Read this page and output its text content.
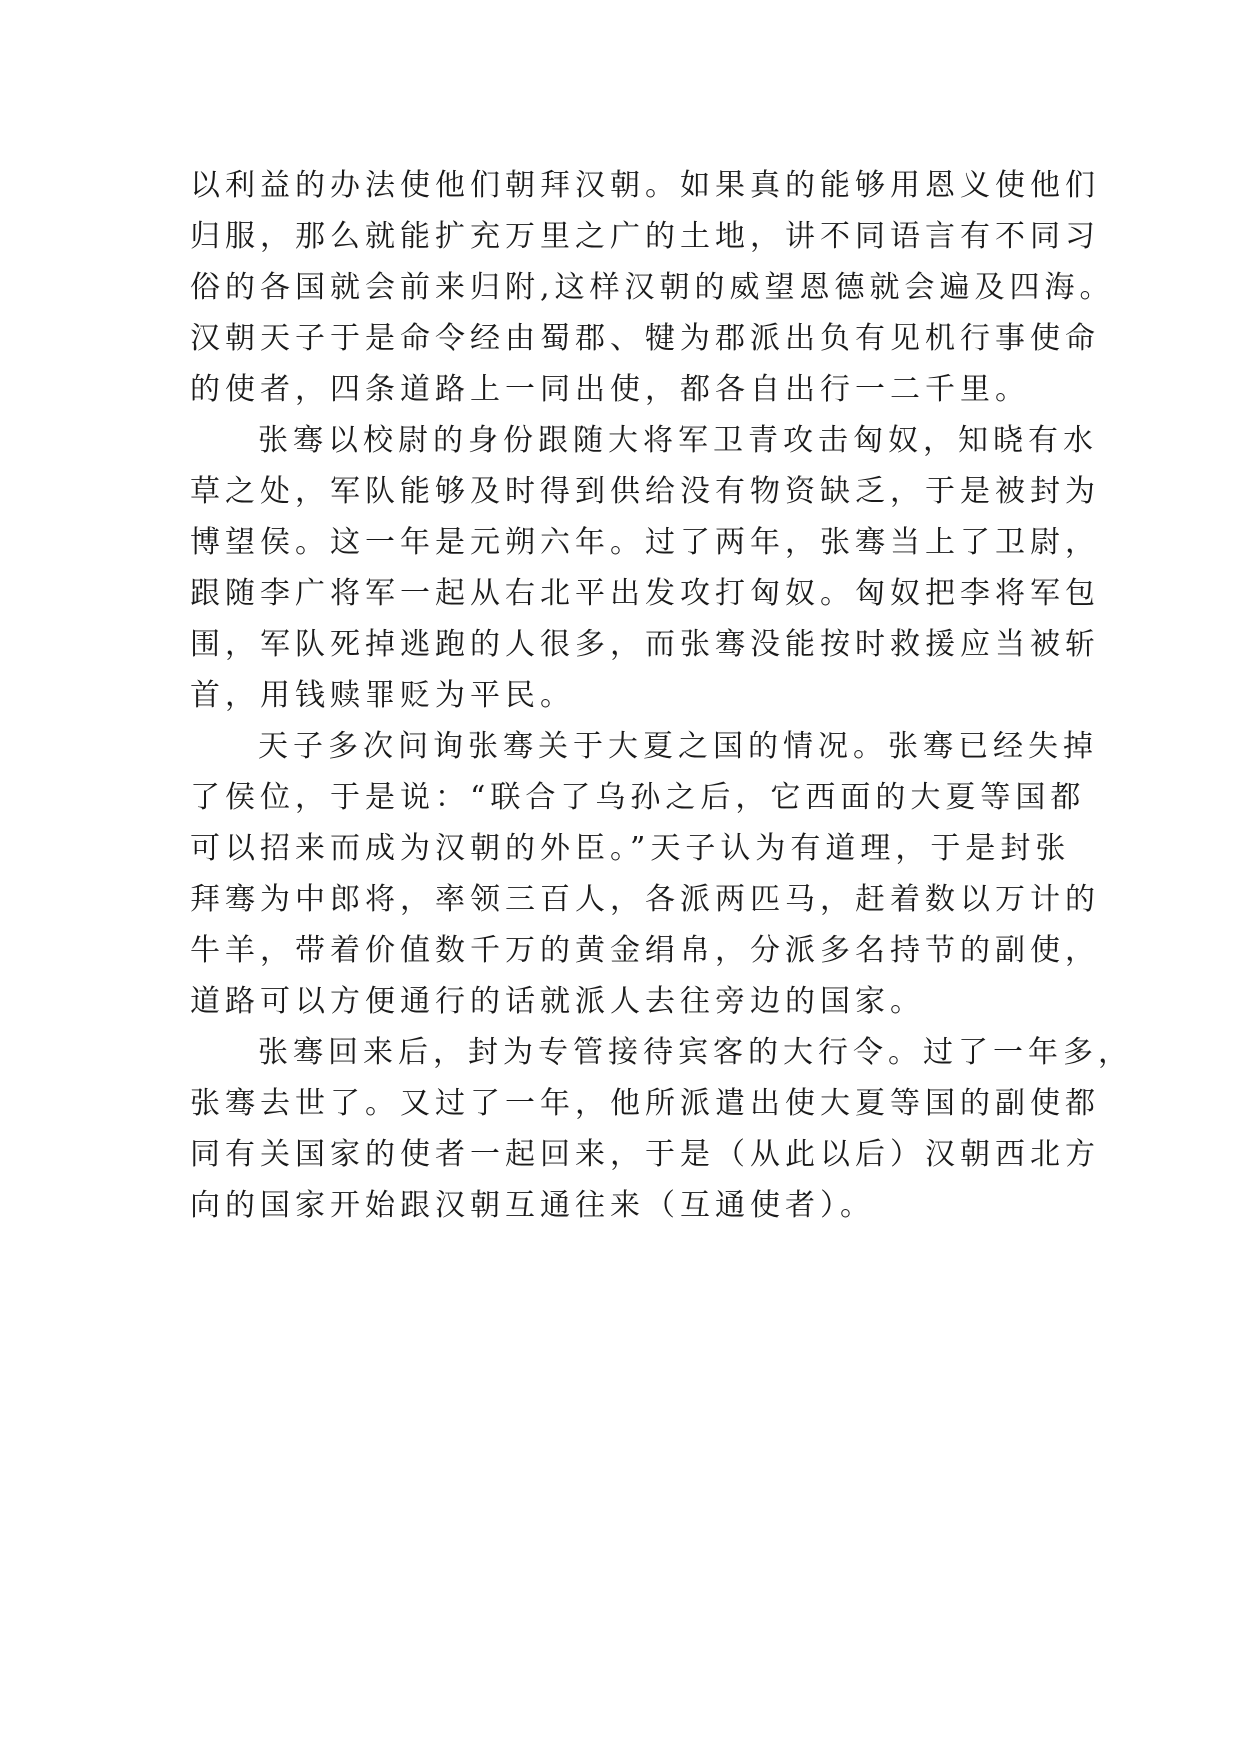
以利益的办法使他们朝拜汉朝。如果真的能够用恩义使他们
归服，那么就能扩充万里之广的土地，讲不同语言有不同习
俗的各国就会前来归附,这样汉朝的威望恩德就会遍及四海。
汉朝天子于是命令经由蜀郡、犍为郡派出负有见机行事使命
的使者，四条道路上一同出使，都各自出行一二千里。
张骞以校尉的身份跟随大将军卫青攻击匈奴，知晓有水
草之处，军队能够及时得到供给没有物资缺乏，于是被封为
博望侯。这一年是元朔六年。过了两年，张骞当上了卫尉，
跟随李广将军一起从右北平出发攻打匈奴。匈奴把李将军包
围，军队死掉逃跑的人很多，而张骞没能按时救援应当被斩
首，用钱赎罪贬为平民。
天子多次问询张骞关于大夏之国的情况。张骞已经失掉
了侯位，于是说：“联合了乌孙之后，它西面的大夏等国都
可以招来而成为汉朝的外臣。”天子认为有道理，于是封张
拜骞为中郎将，率领三百人，各派两匹马，赶着数以万计的
牛羊，带着价值数千万的黄金绢帛，分派多名持节的副使，
道路可以方便通行的话就派人去往旁边的国家。
张骞回来后，封为专管接待宾客的大行令。过了一年多，
张骞去世了。又过了一年，他所派遣出使大夏等国的副使都
同有关国家的使者一起回来，于是（从此以后）汉朝西北方
向的国家开始跟汉朝互通往来（互通使者）。
